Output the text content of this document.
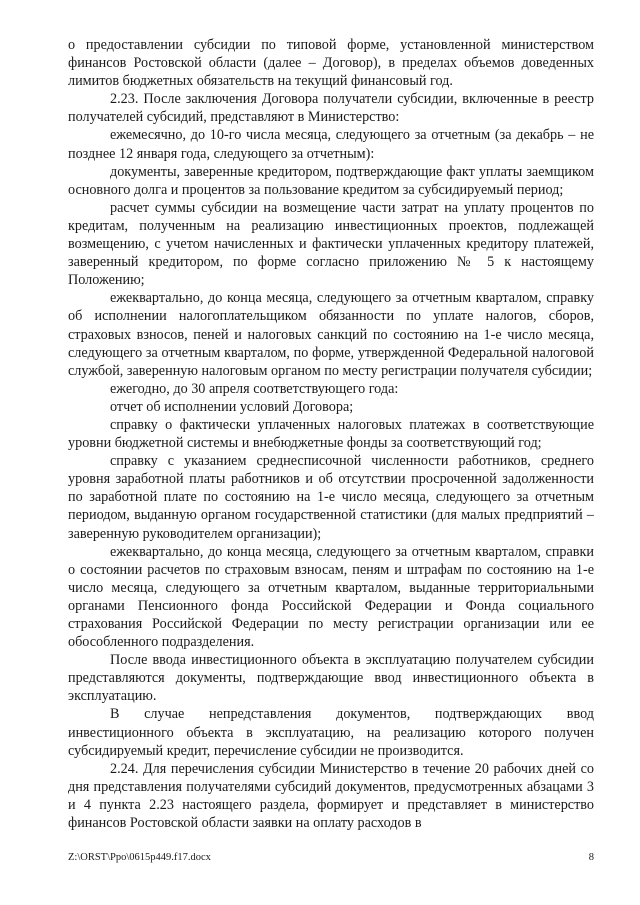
о предоставлении субсидии по типовой форме, установленной министерством финансов Ростовской области (далее – Договор), в пределах объемов доведенных лимитов бюджетных обязательств на текущий финансовый год.

2.23. После заключения Договора получатели субсидии, включенные в реестр получателей субсидий, представляют в Министерство:

ежемесячно, до 10-го числа месяца, следующего за отчетным (за декабрь – не позднее 12 января года, следующего за отчетным):

документы, заверенные кредитором, подтверждающие факт уплаты заемщиком основного долга и процентов за пользование кредитом за субсидируемый период;

расчет суммы субсидии на возмещение части затрат на уплату процентов по кредитам, полученным на реализацию инвестиционных проектов, подлежащей возмещению, с учетом начисленных и фактически уплаченных кредитору платежей, заверенный кредитором, по форме согласно приложению № 5 к настоящему Положению;

ежеквартально, до конца месяца, следующего за отчетным кварталом, справку об исполнении налогоплательщиком обязанности по уплате налогов, сборов, страховых взносов, пеней и налоговых санкций по состоянию на 1-е число месяца, следующего за отчетным кварталом, по форме, утвержденной Федеральной налоговой службой, заверенную налоговым органом по месту регистрации получателя субсидии;

ежегодно, до 30 апреля соответствующего года:

отчет об исполнении условий Договора;

справку о фактически уплаченных налоговых платежах в соответствующие уровни бюджетной системы и внебюджетные фонды за соответствующий год;

справку с указанием среднесписочной численности работников, среднего уровня заработной платы работников и об отсутствии просроченной задолженности по заработной плате по состоянию на 1-е число месяца, следующего за отчетным периодом, выданную органом государственной статистики (для малых предприятий – заверенную руководителем организации);

ежеквартально, до конца месяца, следующего за отчетным кварталом, справки о состоянии расчетов по страховым взносам, пеням и штрафам по состоянию на 1-е число месяца, следующего за отчетным кварталом, выданные территориальными органами Пенсионного фонда Российской Федерации и Фонда социального страхования Российской Федерации по месту регистрации организации или ее обособленного подразделения.

После ввода инвестиционного объекта в эксплуатацию получателем субсидии представляются документы, подтверждающие ввод инвестиционного объекта в эксплуатацию.

В случае непредставления документов, подтверждающих ввод инвестиционного объекта в эксплуатацию, на реализацию которого получен субсидируемый кредит, перечисление субсидии не производится.

2.24. Для перечисления субсидии Министерство в течение 20 рабочих дней со дня представления получателями субсидий документов, предусмотренных абзацами 3 и 4 пункта 2.23 настоящего раздела, формирует и представляет в министерство финансов Ростовской области заявки на оплату расходов в

Z:\ORST\Ppo\0615p449.f17.docx	8
